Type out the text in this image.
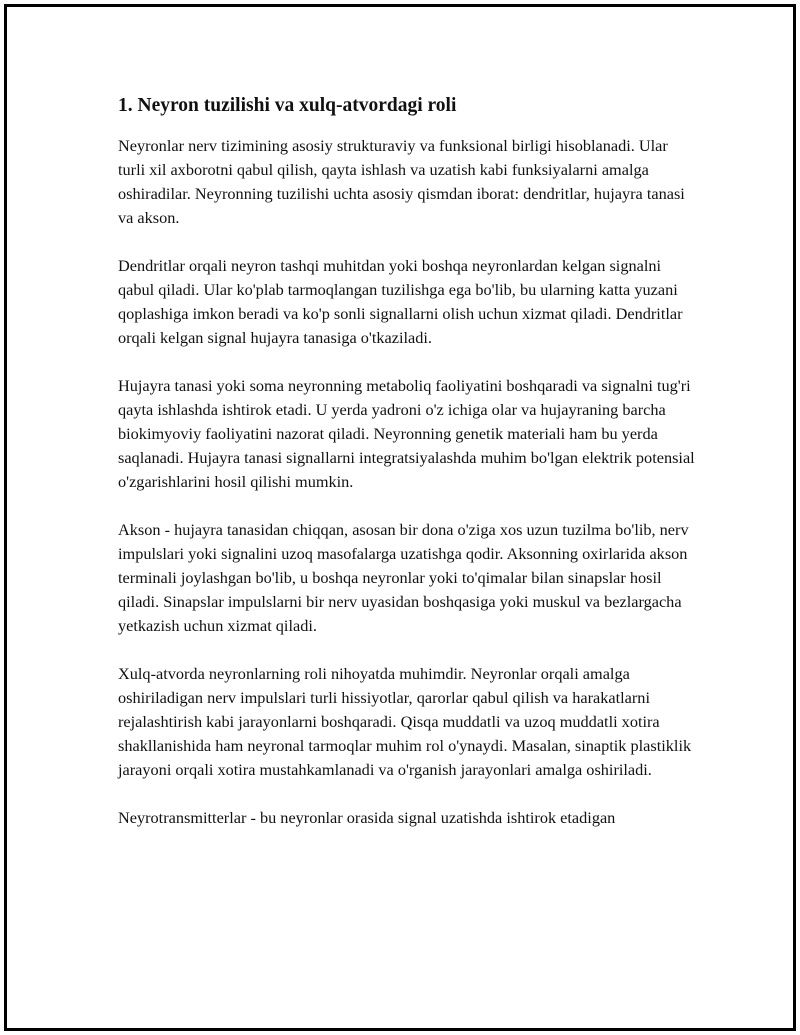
1. Neyron tuzilishi va xulq-atvordagi roli

Neyronlar nerv tizimining asosiy strukturaviy va funksional birligi hisoblanadi. Ular turli xil axborotni qabul qilish, qayta ishlash va uzatish kabi funksiyalarni amalga oshiradilar. Neyronning tuzilishi uchta asosiy qismdan iborat: dendritlar, hujayra tanasi va akson.

Dendritlar orqali neyron tashqi muhitdan yoki boshqa neyronlardan kelgan signalni qabul qiladi. Ular ko'plab tarmoqlangan tuzilishga ega bo'lib, bu ularning katta yuzani qoplashiga imkon beradi va ko'p sonli signallarni olish uchun xizmat qiladi. Dendritlar orqali kelgan signal hujayra tanasiga o'tkaziladi.

Hujayra tanasi yoki soma neyronning metaboliq faoliyatini boshqaradi va signalni tug'ri qayta ishlashda ishtirok etadi. U yerda yadroni o'z ichiga olar va hujayraning barcha biokimyoviy faoliyatini nazorat qiladi. Neyronning genetik materiali ham bu yerda saqlanadi. Hujayra tanasi signallarni integratsiyalashda muhim bo'lgan elektrik potensial o'zgarishlarini hosil qilishi mumkin.

Akson - hujayra tanasidan chiqqan, asosan bir dona o'ziga xos uzun tuzilma bo'lib, nerv impulslari yoki signalini uzoq masofalarga uzatishga qodir. Aksonning oxirlarida akson terminali joylashgan bo'lib, u boshqa neyronlar yoki to'qimalar bilan sinapslar hosil qiladi. Sinapslar impulslarni bir nerv uyasidan boshqasiga yoki muskul va bezlargacha yetkazish uchun xizmat qiladi.

Xulq-atvorda neyronlarning roli nihoyatda muhimdir. Neyronlar orqali amalga oshiriladigan nerv impulslari turli hissiyotlar, qarorlar qabul qilish va harakatlarni rejalashtirish kabi jarayonlarni boshqaradi. Qisqa muddatli va uzoq muddatli xotira shakllanishida ham neyronal tarmoqlar muhim rol o'ynaydi. Masalan, sinaptik plastiklik jarayoni orqali xotira mustahkamlanadi va o'rganish jarayonlari amalga oshiriladi.

Neyrotransmitterlar - bu neyronlar orasida signal uzatishda ishtirok etadigan
